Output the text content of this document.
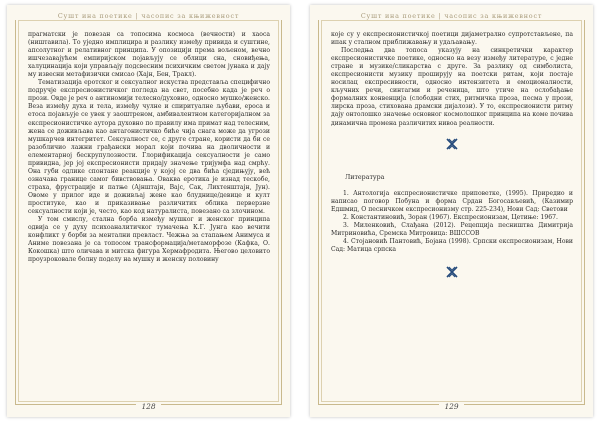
Сушт ина поетике | часопис за књижевност

прагматски је повезан са топосима космоса (вечности) и хаоса (ништавила). То уједно имплицира и разлику између привида и суштине, апсолутног и релативног принципа. У опозицији према вољеном, вечно ишчезавајућем емпиријском појављују се облици сна, сновиђења, халуцинација који управљају подсвесним психичким светом јунака и дају му извесни метафизички смисао (Хајн, Бен, Тракл).

Тематизација еротског и сексуалног искуства представља специфично подручје експресионистичког погледа на свет, посебно када је реч о прози. Овде је реч о антиномији телесно/духовно, односно мушко/женско. Веза између духа и тела, између чулне и спиритуалне љубави, ероса и етоса појављује се увек у заоштреном, амбивалентном категоријалном за експресионистичке аутора духовно по правилу има примат над телесним, жена се доживљава као антагонистичко биће чија снага може да угрози мушкарчев интегритет. Сексуалност се, с друге стране, користи да би се разобличио лажни грађански морал који почива на дволичности и елементарној бескрупулозности. Глорификација сексуалности је само привидна, јер јој експресионисти придају значење тријумфа над смрћу. Она губи одлике спонтане реакције у којој се два бића сједињују, већ означава границе самог бивствовања. Оваква еротика је изнад тескобе, страха, фрустрације и патње (Ајнштајн, Вајс, Сак, Лихтенштајн, Јун). Овоме у прилог иде и доживљај жене као блуднице/девице и култ проституке, као и приказивање различитих облика перверзне сексуалности који је, често, као код натуралиста, повезано са злочином.

У том смислу, сталнa борба између мушког и женског принципа одвија се у духу психоаналитичког тумачења К.Г. Јунга као вечити конфликт у борби за ментални превласт. Чежња за стапањем Анимуса и Аниме повезана је са топосом трансформација/метаморфозе (Кафка, О. Кокошка) што оличава и митска фигура Хермафродита. Његово целовито проузроковале болну поделу на мушку и женску половину

128
Сушт ина поетике | часопис за књижевност

које су у експресионистичкој поетици дијаметрално супротстављене, па ипак у сталном приближавању и удаљавању.

Последња два топоса указују на синкретички карактер експресионистичке поетике, односно на везу између литературе, с једне стране и музике/сликарства с друге. За разлику од симболиста, експресионисти музику проширују на поетски ритам, који постаје носилац експресивности, односно интензитета и емоционалности, кључних речи, синтагми и реченица, што утиче на ослобађање формалних конвенција (слободни стих, ритмичка проза, песма у прози, лирска проза, стихована драмски дијалози). У то, експресионисти ритму дају онтолошко значење основног космолошког принципа на коме почива динамична промена различитих нивоа реалности.

Литература

1. Антологија експресионистичке приповетке, (1995). Приредио и написао поговор Побуна и форма Срдан Богосављевић, (Казимир Едшмид, О песничком експресионизму стр. 225-234), Нови Сад: Светови

2. Константиновић, Зоран (1967). Експресионизам, Цетиње: 1967.

3. Миленковић, Слађана (2012). Рецепција песништва Димитрија Митриновића, Сремска Митровица: ВШССОВ

4. Стојановић Пантовић, Бојана (1998). Српски експресионизам, Нови Сад: Матица српска

129
